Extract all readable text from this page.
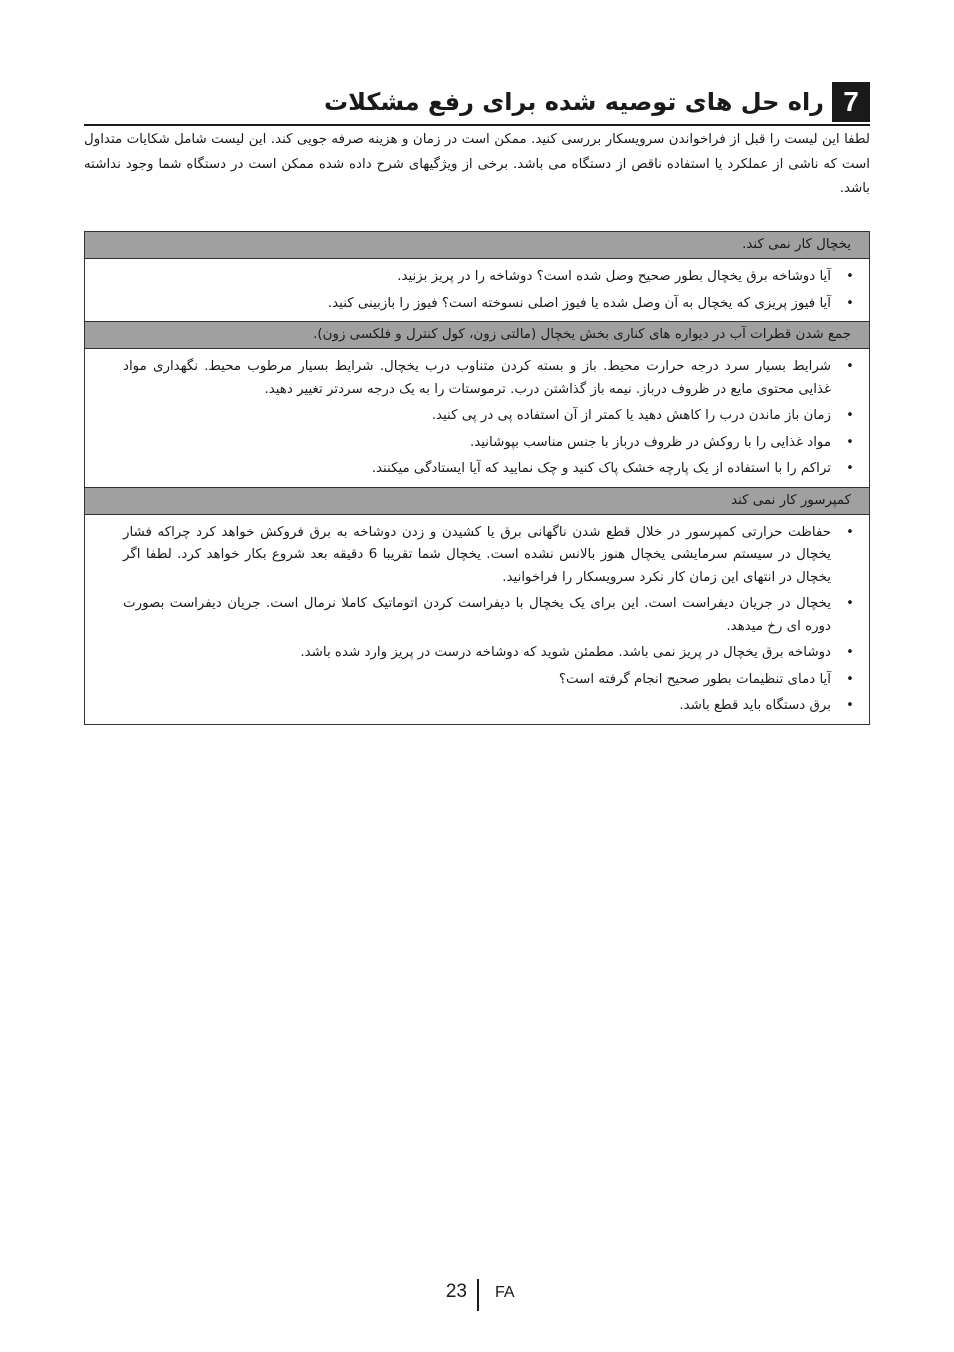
7
راه حل های توصیه شده برای رفع مشکلات

لطفا این لیست را قبل از فراخواندن سرویسکار بررسی کنید. ممکن است در زمان و هزینه صرفه جویی کند. این لیست شامل شکایات متداول است که ناشی از عملکرد یا استفاده ناقص از دستگاه می باشد. برخی از ویژگیهای شرح داده شده ممکن است در دستگاه شما وجود نداشته باشد.

یخچال کار نمی کند.
•
آیا دوشاخه برق یخچال بطور صحیح وصل شده است؟ دوشاخه را در پریز بزنید.
•
آیا فیوز پریزی که یخچال به آن وصل شده یا فیوز اصلی نسوخته است؟ فیوز را بازبینی کنید.
جمع شدن قطرات آب در دیواره های کناری بخش یخچال (مالتی زون، کول کنترل و فلکسی زون).
•
شرایط بسیار سرد درجه حرارت محیط. باز و بسته کردن متناوب درب یخچال. شرایط بسیار مرطوب محیط. نگهداری مواد غذایی محتوی مایع در ظروف درباز. نیمه باز گذاشتن درب. ترموستات را به یک درجه سردتر تغییر دهید.
•
زمان باز ماندن درب را کاهش دهید یا کمتر از آن استفاده پی در پی کنید.
•
مواد غذایی را با روکش در ظروف درباز با جنس مناسب بپوشانید.
•
تراکم را با استفاده از یک پارچه خشک پاک کنید و چک نمایید که آیا ایستادگی میکنند.
کمپرسور کار نمی کند
•
حفاظت حرارتی کمپرسور در خلال قطع شدن ناگهانی برق یا کشیدن و زدن دوشاخه به برق فروکش خواهد کرد چراکه فشار یخچال در سیستم سرمایشی یخچال هنوز بالانس نشده است. یخچال شما تقریبا 6 دقیقه بعد شروع بکار خواهد کرد. لطفا اگر یخچال در انتهای این زمان کار نکرد سرویسکار را فراخوانید.
•
یخچال در جریان دیفراست است. این برای یک یخچال با دیفراست کردن اتوماتیک کاملا نرمال است. جریان دیفراست بصورت دوره ای رخ میدهد.
•
دوشاخه برق یخچال در پریز نمی باشد. مطمئن شوید که دوشاخه درست در پریز وارد شده باشد.
•
آیا دمای تنظیمات بطور صحیح انجام گرفته است؟
•
برق دستگاه باید قطع باشد.
23 FA
